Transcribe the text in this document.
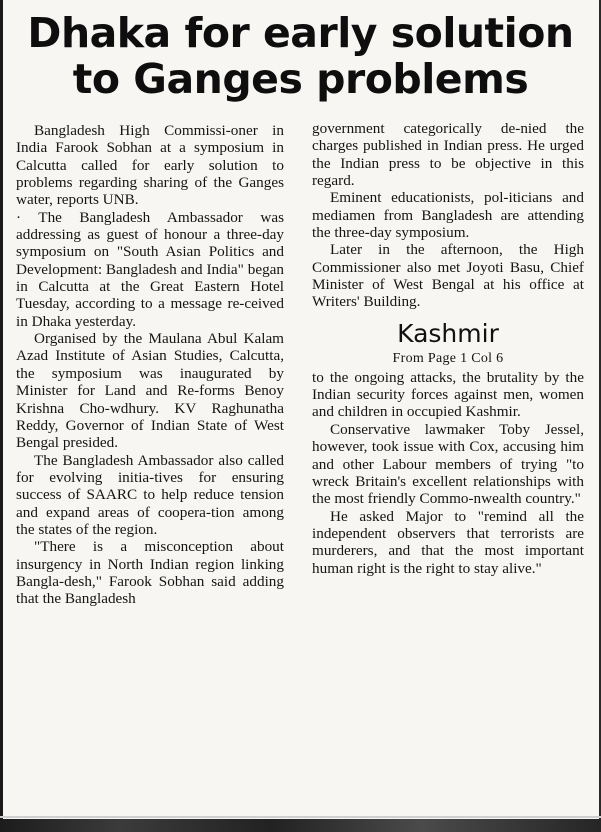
Dhaka for early solution
to Ganges problems

Bangladesh High Commissi-oner in India Farook Sobhan at a symposium in Calcutta called for early solution to problems regarding sharing of the Ganges water, reports UNB.

· The Bangladesh Ambassador was addressing as guest of honour a three-day symposium on "South Asian Politics and Development: Bangladesh and India" began in Calcutta at the Great Eastern Hotel Tuesday, according to a message re-ceived in Dhaka yesterday.

Organised by the Maulana Abul Kalam Azad Institute of Asian Studies, Calcutta, the symposium was inaugurated by Minister for Land and Re-forms Benoy Krishna Cho-wdhury. KV Raghunatha Reddy, Governor of Indian State of West Bengal presided.

The Bangladesh Ambassador also called for evolving initia-tives for ensuring success of SAARC to help reduce tension and expand areas of coopera-tion among the states of the region.

"There is a misconception about insurgency in North Indian region linking Bangla-desh," Farook Sobhan said adding that the Bangladesh

government categorically de-nied the charges published in Indian press. He urged the Indian press to be objective in this regard.

Eminent educationists, pol-iticians and mediamen from Bangladesh are attending the three-day symposium.

Later in the afternoon, the High Commissioner also met Joyoti Basu, Chief Minister of West Bengal at his office at Writers' Building.

Kashmir
From Page 1 Col 6

to the ongoing attacks, the brutality by the Indian security forces against men, women and children in occupied Kashmir.

Conservative lawmaker Toby Jessel, however, took issue with Cox, accusing him and other Labour members of trying "to wreck Britain's excellent relationships with the most friendly Commo-nwealth country."

He asked Major to "remind all the independent observers that terrorists are murderers, and that the most important human right is the right to stay alive."
